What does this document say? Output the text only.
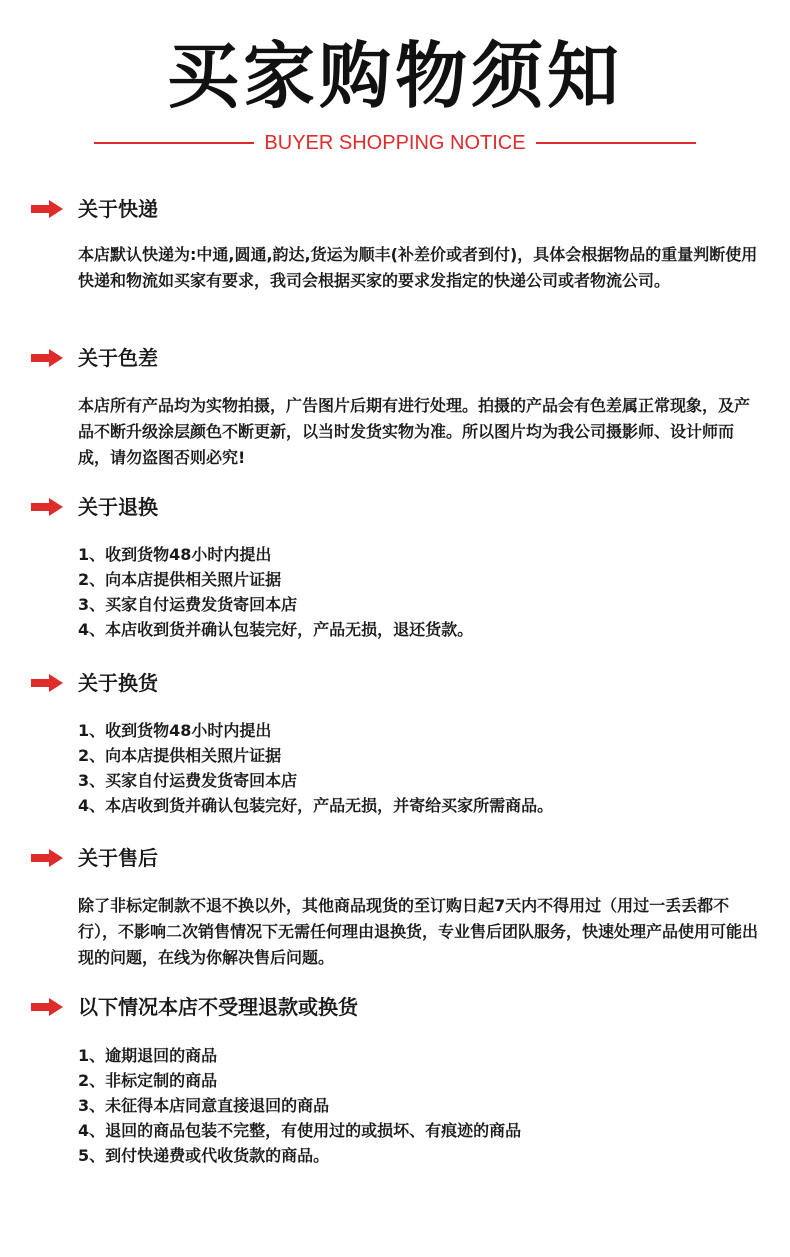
买家购物须知
BUYER SHOPPING NOTICE
关于快递
本店默认快递为:中通,圆通,韵达,货运为顺丰(补差价或者到付)，具体会根据物品的重量判断使用快递和物流如买家有要求，我司会根据买家的要求发指定的快递公司或者物流公司。
关于色差
本店所有产品均为实物拍摄，广告图片后期有进行处理。拍摄的产品会有色差属正常现象，及产品不断升级涂层颜色不断更新，以当时发货实物为准。所以图片均为我公司摄影师、设计师而成，请勿盗图否则必究!
关于退换
1、收到货物48小时内提出
2、向本店提供相关照片证据
3、买家自付运费发货寄回本店
4、本店收到货并确认包装完好，产品无损，退还货款。
关于换货
1、收到货物48小时内提出
2、向本店提供相关照片证据
3、买家自付运费发货寄回本店
4、本店收到货并确认包装完好，产品无损，并寄给买家所需商品。
关于售后
除了非标定制款不退不换以外，其他商品现货的至订购日起7天内不得用过（用过一丢丢都不行），不影响二次销售情况下无需任何理由退换货，专业售后团队服务，快速处理产品使用可能出现的问题，在线为你解决售后问题。
以下情况本店不受理退款或换货
1、逾期退回的商品
2、非标定制的商品
3、未征得本店同意直接退回的商品
4、退回的商品包装不完整，有使用过的或损坏、有痕迹的商品
5、到付快递费或代收货款的商品。
